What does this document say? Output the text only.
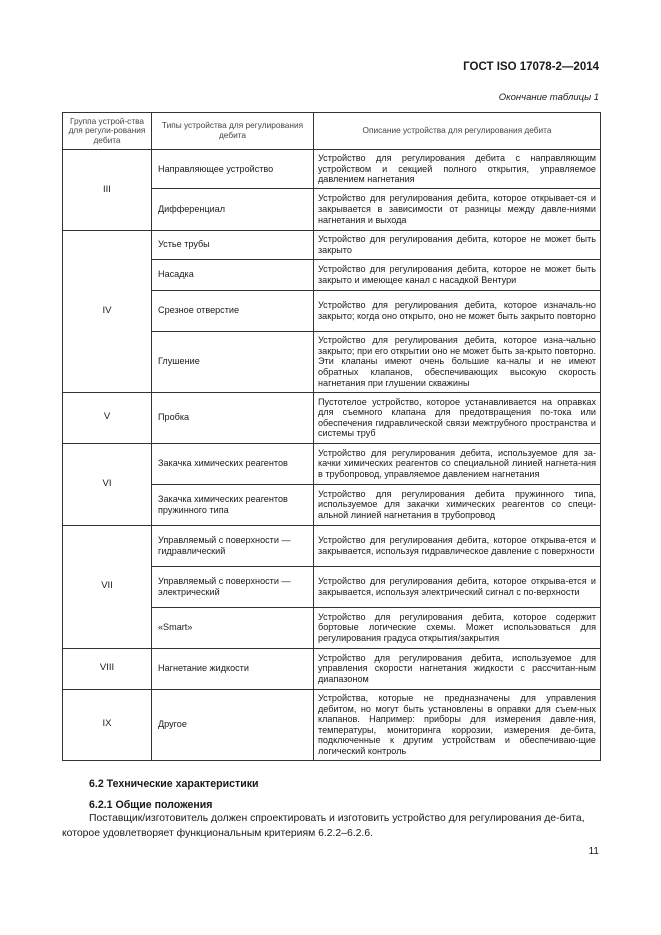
ГОСТ ISO 17078-2—2014
Окончание таблицы 1
Группа устрой-ства для регули-рования дебита	Типы устройства для регулирования дебита	Описание устройства для регулирования дебита
III	Направляющее устройство	Устройство для регулирования дебита с направляющим устройством и секцией полного открытия, управляемое давлением нагнетания
	Дифференциал	Устройство для регулирования дебита, которое открывает-ся и закрывается в зависимости от разницы между давле-ниями нагнетания и выхода
IV	Устье трубы	Устройство для регулирования дебита, которое не может быть закрыто
	Насадка	Устройство для регулирования дебита, которое не может быть закрыто и имеющее канал с насадкой Вентури
	Срезное отверстие	Устройство для регулирования дебита, которое изначаль-но закрыто; когда оно открыто, оно не может быть закрыто повторно
	Глушение	Устройство для регулирования дебита, которое изна-чально закрыто; при его открытии оно не может быть за-крыто повторно. Эти клапаны имеют очень большие ка-налы и не имеют обратных клапанов, обеспечивающих высокую скорость нагнетания при глушении скважины
V	Пробка	Пустотелое устройство, которое устанавливается на оправках для съемного клапана для предотвращения по-тока или обеспечения гидравлической связи межтрубного пространства и системы труб
VI	Закачка химических реагентов	Устройство для регулирования дебита, используемое для за-качки химических реагентов со специальной линией нагнета-ния в трубопровод, управляемое давлением нагнетания
	Закачка химических реагентов пружинного типа	Устройство для регулирования дебита пружинного типа, используемое для закачки химических реагентов со специ-альной линией нагнетания в трубопровод
VII	Управляемый с поверхности — гидравлический	Устройство для регулирования дебита, которое открыва-ется и закрывается, используя гидравлическое давление с поверхности
	Управляемый с поверхности — электрический	Устройство для регулирования дебита, которое открыва-ется и закрывается, используя электрический сигнал с по-верхности
	«Smart»	Устройство для регулирования дебита, которое содержит бортовые логические схемы. Может использоваться для регулирования градуса открытия/закрытия
VIII	Нагнетание жидкости	Устройство для регулирования дебита, используемое для управления скорости нагнетания жидкости с рассчитан-ным диапазоном
IX	Другое	Устройства, которые не предназначены для управления дебитом, но могут быть установлены в оправки для съем-ных клапанов. Например: приборы для измерения давле-ния, температуры, мониторинга коррозии, измерения де-бита, подключенные к другим устройствам и обеспечиваю-щие логический контроль
6.2 Технические характеристики
6.2.1 Общие положения
Поставщик/изготовитель должен спроектировать и изготовить устройство для регулирования де-бита, которое удовлетворяет функциональным критериям 6.2.2–6.2.6.
11
